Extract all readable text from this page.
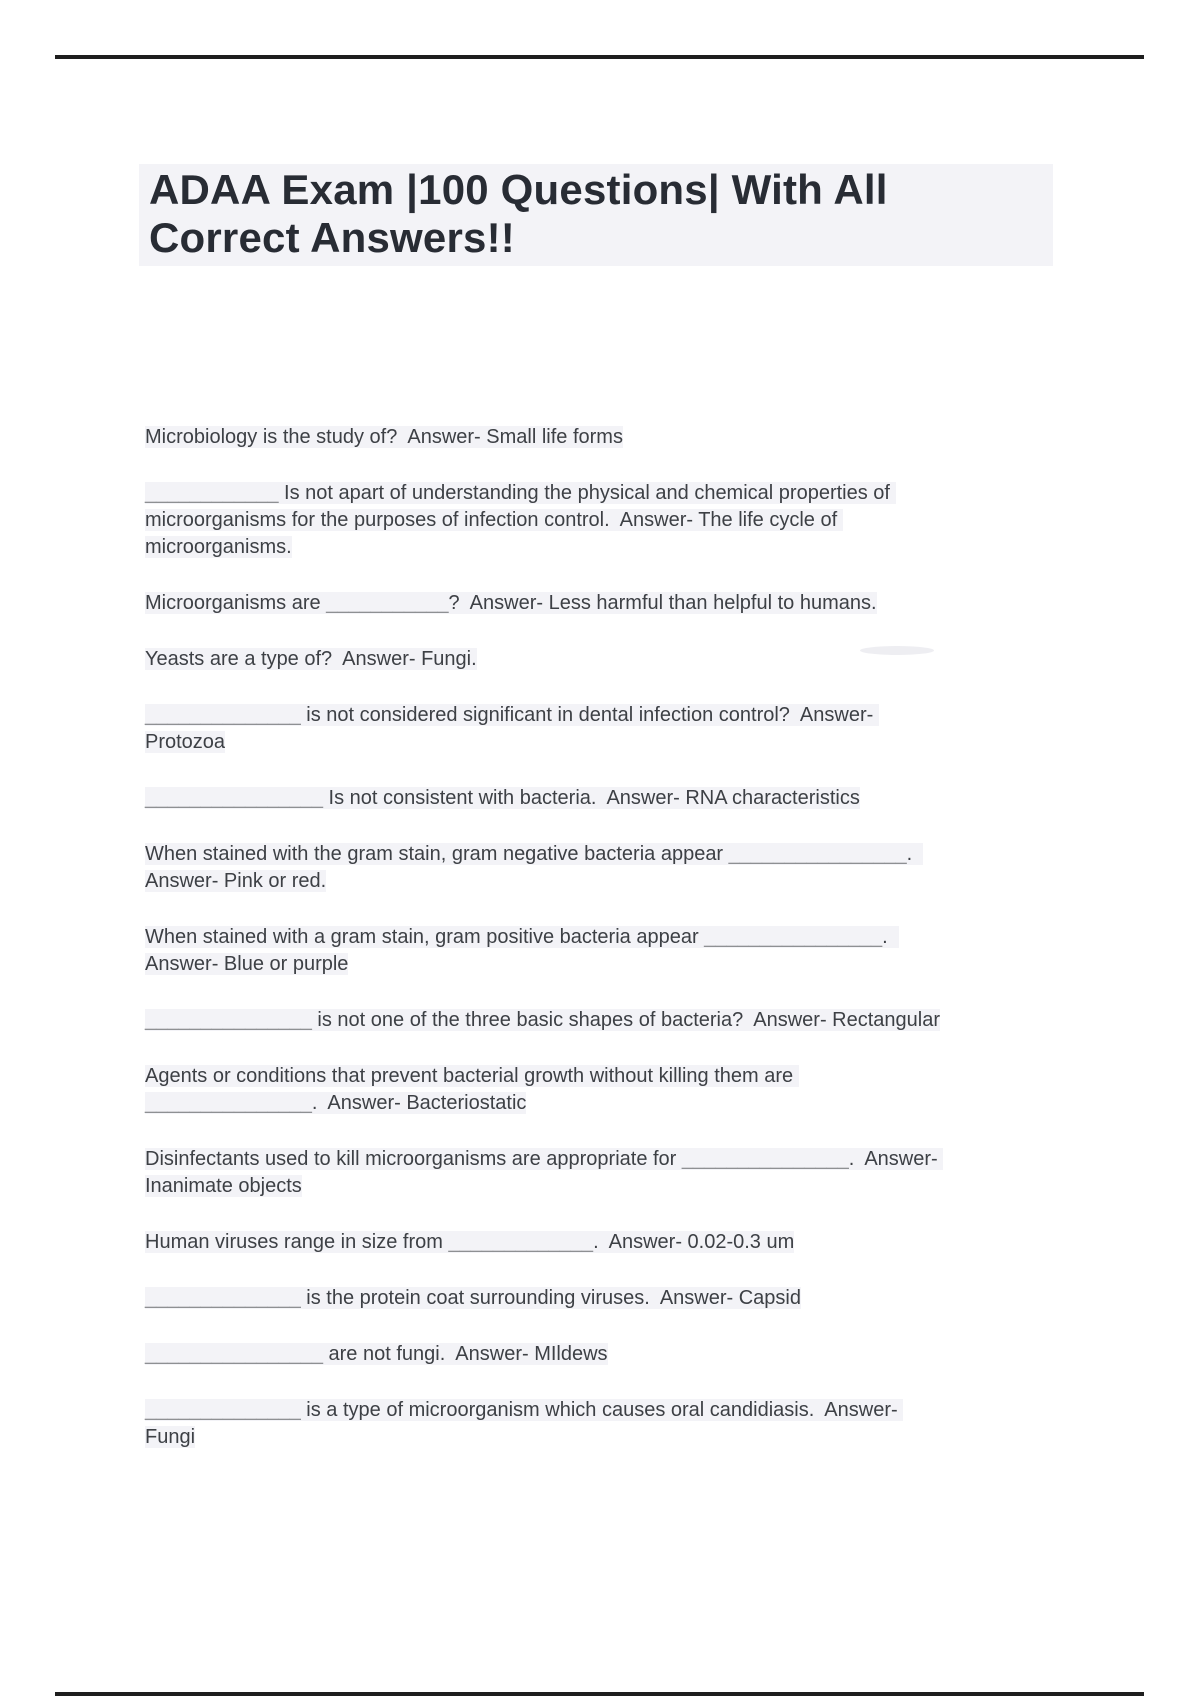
ADAA Exam |100 Questions| With All
Correct Answers!!

Microbiology is the study of?  Answer- Small life forms

____________ Is not apart of understanding the physical and chemical properties of microorganisms for the purposes of infection control.  Answer- The life cycle of microorganisms.

Microorganisms are ___________?  Answer- Less harmful than helpful to humans.

Yeasts are a type of?  Answer- Fungi.

______________ is not considered significant in dental infection control?  Answer- Protozoa

________________ Is not consistent with bacteria.  Answer- RNA characteristics

When stained with the gram stain, gram negative bacteria appear ________________.  Answer- Pink or red.

When stained with a gram stain, gram positive bacteria appear ________________.  Answer- Blue or purple

_______________ is not one of the three basic shapes of bacteria?  Answer- Rectangular

Agents or conditions that prevent bacterial growth without killing them are _______________.  Answer- Bacteriostatic

Disinfectants used to kill microorganisms are appropriate for _______________.  Answer- Inanimate objects

Human viruses range in size from _____________.  Answer- 0.02-0.3 um

______________ is the protein coat surrounding viruses.  Answer- Capsid

________________ are not fungi.  Answer- MIldews

______________ is a type of microorganism which causes oral candidiasis.  Answer- Fungi
